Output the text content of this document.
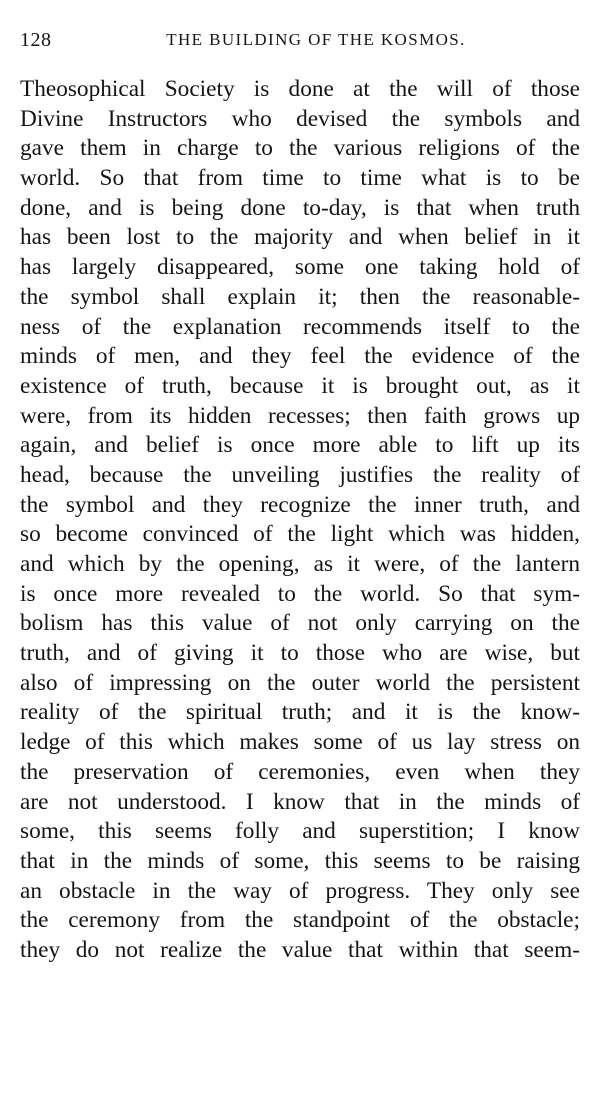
128	THE BUILDING OF THE KOSMOS.
Theosophical Society is done at the will of those
Divine Instructors who devised the symbols and
gave them in charge to the various religions of the
world. So that from time to time what is to be
done, and is being done to-day, is that when truth
has been lost to the majority and when belief in it
has largely disappeared, some one taking hold of
the symbol shall explain it; then the reasonable-
ness of the explanation recommends itself to the
minds of men, and they feel the evidence of the
existence of truth, because it is brought out, as it
were, from its hidden recesses; then faith grows up
again, and belief is once more able to lift up its
head, because the unveiling justifies the reality of
the symbol and they recognize the inner truth, and
so become convinced of the light which was hidden,
and which by the opening, as it were, of the lantern
is once more revealed to the world. So that sym-
bolism has this value of not only carrying on the
truth, and of giving it to those who are wise, but
also of impressing on the outer world the persistent
reality of the spiritual truth; and it is the know-
ledge of this which makes some of us lay stress on
the preservation of ceremonies, even when they
are not understood. I know that in the minds of
some, this seems folly and superstition; I know
that in the minds of some, this seems to be raising
an obstacle in the way of progress. They only see
the ceremony from the standpoint of the obstacle;
they do not realize the value that within that seem-
